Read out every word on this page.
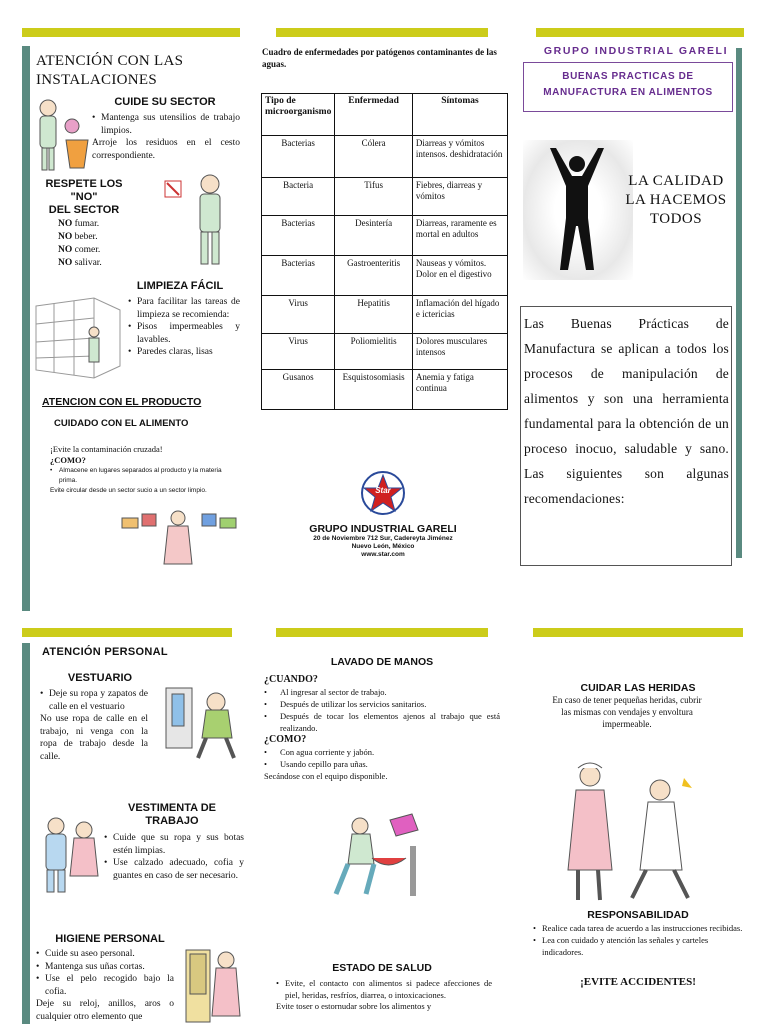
ATENCIÓN CON LAS INSTALACIONES
CUIDE SU SECTOR
• Mantenga sus utensilios de trabajo limpios.
Arroje los residuos en el cesto correspondiente.
RESPETE LOS
"NO"
DEL SECTOR
NO fumar.
NO beber.
NO comer.
NO salivar.
LIMPIEZA FÁCIL
• Para facilitar las tareas de limpieza se recomienda:
• Pisos impermeables y lavables.
• Paredes claras, lisas
ATENCION CON EL PRODUCTO
CUIDADO CON EL ALIMENTO
¡Evite la contaminación cruzada!
¿COMO?
• Almacene en lugares separados al producto y la materia prima.
Evite circular desde un sector sucio a un sector limpio.
Cuadro de enfermedades por patógenos contaminantes de las aguas.
Tipo de microorganismo	Enfermedad	Síntomas
Bacterias	Cólera	Diarreas y vómitos intensos. deshidratación
Bacteria	Tifus	Fiebres, diarreas y vómitos
Bacterias	Desintería	Diarreas, raramente es mortal en adultos
Bacterias	Gastroenteritis	Nauseas y vómitos. Dolor en el digestivo
Virus	Hepatitis	Inflamación del hígado e ictericias
Virus	Poliomielitis	Dolores musculares intensos
Gusanos	Esquistosomiasis	Anemia y fatiga continua
Star
GRUPO INDUSTRIAL GARELI
20 de Noviembre 712 Sur, Cadereyta Jiménez
Nuevo León, México
www.star.com
GRUPO INDUSTRIAL GARELI
BUENAS PRACTICAS DE MANUFACTURA EN ALIMENTOS
LA CALIDAD
LA HACEMOS
TODOS
Las Buenas Prácticas de Manufactura se aplican a todos los procesos de manipulación de alimentos y son una herramienta fundamental para la obtención de un proceso inocuo, saludable y sano. Las siguientes son algunas recomendaciones:
ATENCIÓN PERSONAL
VESTUARIO
• Deje su ropa y zapatos de calle en el vestuario
No use ropa de calle en el trabajo, ni venga con la ropa de trabajo desde la calle.
VESTIMENTA DE TRABAJO
• Cuide que su ropa y sus botas estén limpias.
• Use calzado adecuado, cofia y guantes en caso de ser necesario.
HIGIENE PERSONAL
• Cuide su aseo personal.
• Mantenga sus uñas cortas.
• Use el pelo recogido bajo la cofia.
Deje su reloj, anillos, aros o cualquier otro elemento que
LAVADO DE MANOS
¿CUANDO?
• Al ingresar al sector de trabajo.
• Después de utilizar los servicios sanitarios.
• Después de tocar los elementos ajenos al trabajo que está realizando.
¿COMO?
• Con agua corriente y jabón.
• Usando cepillo para uñas.
Secándose con el equipo disponible.
ESTADO DE SALUD
• Evite, el contacto con alimentos si padece afecciones de piel, heridas, resfríos, diarrea, o intoxicaciones.
Evite toser o estornudar sobre los alimentos y
CUIDAR LAS HERIDAS
En caso de tener pequeñas heridas, cubrir las mismas con vendajes y envoltura impermeable.
RESPONSABILIDAD
• Realice cada tarea de acuerdo a las instrucciones recibidas.
• Lea con cuidado y atención las señales y carteles indicadores.
¡EVITE ACCIDENTES!
